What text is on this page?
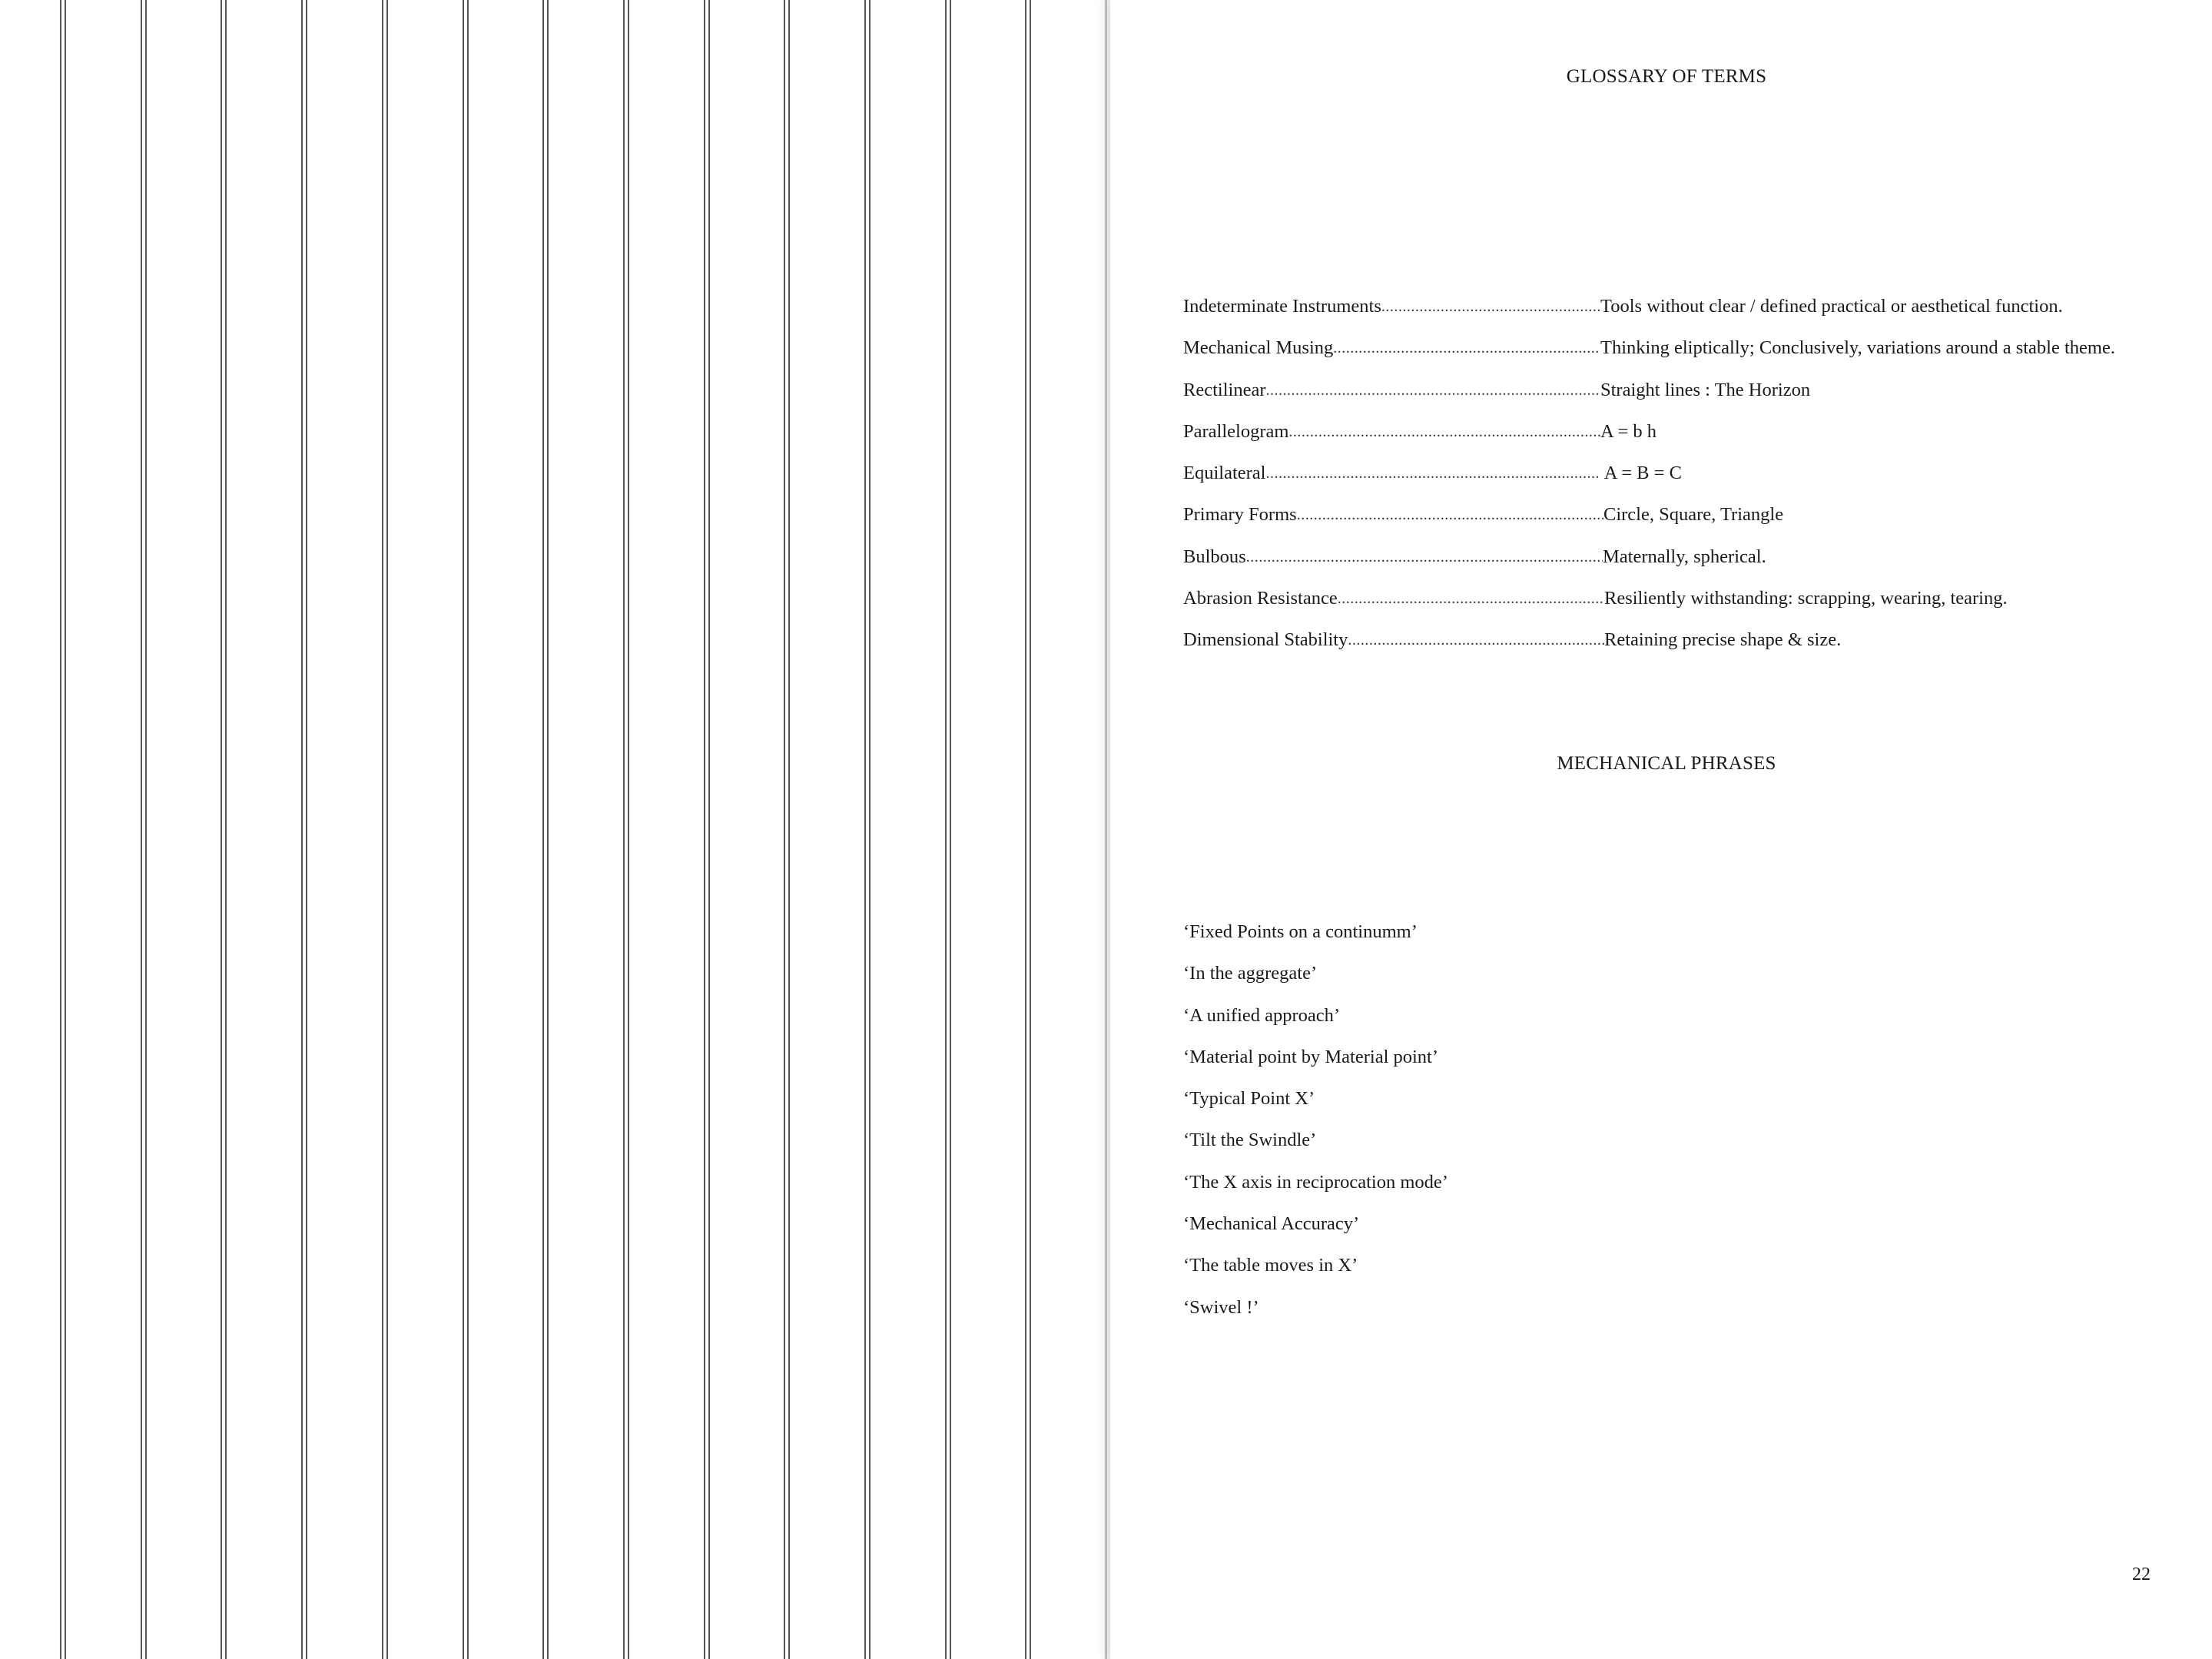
GLOSSARY OF TERMS
Indeterminate Instruments .....	Tools without clear / defined practical or aesthetical function.
Mechanical Musing .....	Thinking eliptically; Conclusively, variations around a stable theme.
Rectilinear .....	Straight lines : The Horizon
Parallelogram .....	A = b h
Equilateral .....	A = B = C
Primary Forms .....	Circle, Square, Triangle
Bulbous .....	Maternally, spherical.
Abrasion Resistance .....	Resiliently withstanding: scrapping, wearing, tearing.
Dimensional Stability .....	Retaining precise shape & size.
MECHANICAL PHRASES
‘Fixed Points on a continumm’
‘In the aggregate’
‘A unified approach’
‘Material point by Material point’
‘Typical Point X’
‘Tilt the Swindle’
‘The X axis in reciprocation mode’
‘Mechanical Accuracy’
‘The table moves in X’
‘Swivel !’
22
